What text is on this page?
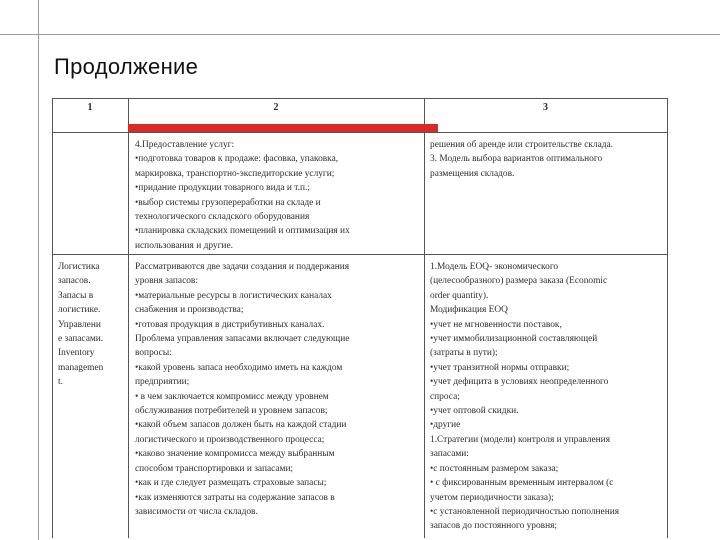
Продолжение
1	2	3

4.Предоставление услуг:

•подготовка товаров к продаже: фасовка, упаковка,

маркировка, транспортно-экспедиторские услуги;

•придание продукции товарного вида и т.п.;

•выбор системы грузопереработки на складе и

технологического складского оборудования

•планировка складских помещений и оптимизация их

использования и другие.

решения об аренде или строительстве склада.

3. Модель выбора вариантов оптимального

размещения складов.

Логистика

запасов.

Запасы в

логистике.

Управлени

е запасами.

Inventory

managemen

t.

Рассматриваются две задачи создания и поддержания

уровня запасов:

•материальные ресурсы в логистических каналах

снабжения и производства;

•готовая продукция в дистрибутивных каналах.

Проблема управления запасами включает следующие

вопросы:

•какой уровень запаса необходимо иметь на каждом

предприятии;

• в чем заключается компромисс между уровнем

обслуживания потребителей и уровнем запасов;

•какой объем запасов должен быть на каждой стадии

логистического и производственного процесса;

•каково значение компромисса между выбранным

способом транспортировки и запасами;

•как и где следует размещать страховые запасы;

•как изменяются затраты на содержание запасов в

зависимости от числа складов.

1.Модель EOQ- экономического

(целесообразного) размера заказа (Economic

order quantity).

Модификация EOQ

•учет не мгновенности поставок,

•учет иммобилизационной составляющей

(затраты в пути);

•учет транзитной нормы отправки;

•учет дефицита в условиях неопределенного

спроса;

•учет оптовой скидки.

•другие

1.Стратегии (модели) контроля и управления

запасами:

•с постоянным размером заказа;

• с фиксированным временным интервалом (с

учетом периодичности заказа);

•с установленной периодичностью пополнения

запасов до постоянного уровня;
